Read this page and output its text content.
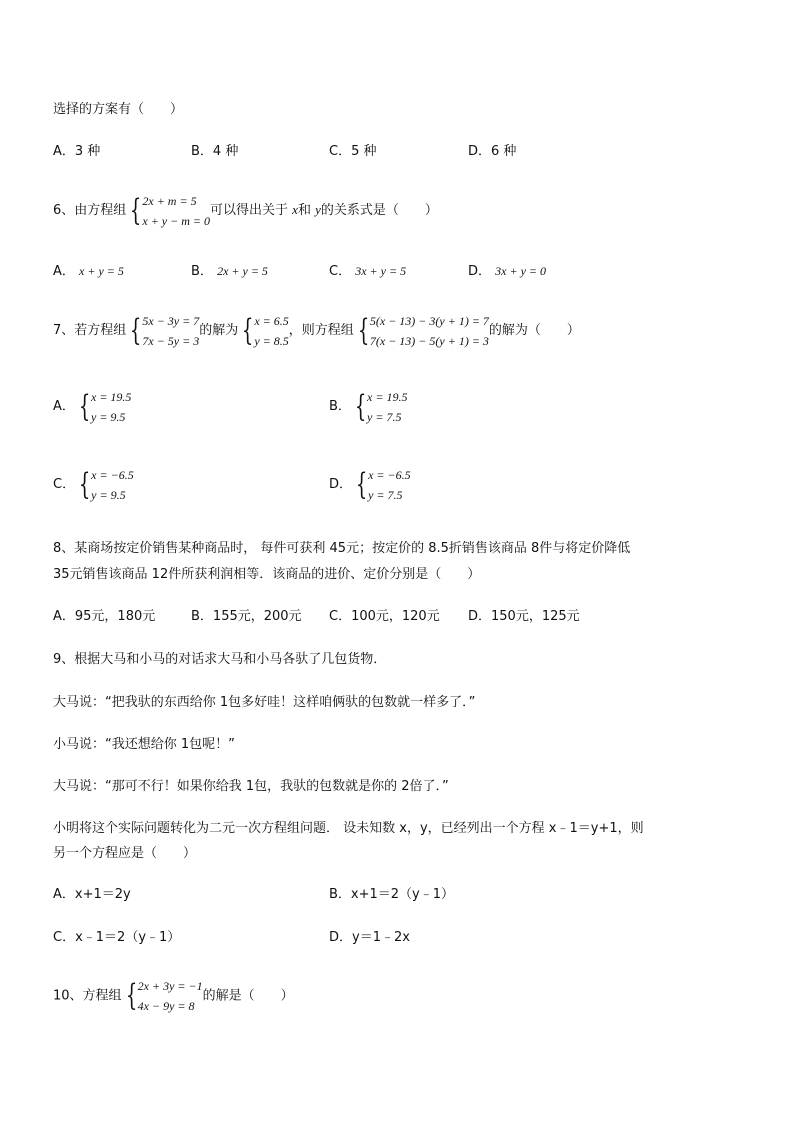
选择的方案有（　　）
A．3 种	B．4 种	C．5 种	D．6 种
6、由方程组 { 2x + m = 5
x + y − m = 0
可以得出关于 x和 y的关系式是（　　）
A． x + y = 5	B． 2x + y = 5	C． 3x + y = 5	D． 3x + y = 0
7、若方程组 { 5x − 3y = 7
7x − 5y = 3
的解为 { x = 6.5
y = 8.5
，则方程组 { 5(x − 13) − 3(y + 1) = 7
7(x − 13) − 5(y + 1) = 3
的解为（　　）
A． { x = 19.5
y = 9.5
B． { x = 19.5
y = 7.5
C． { x = −6.5
y = 9.5
D． { x = −6.5
y = 7.5
8、某商场按定价销售某种商品时， 每件可获利 45元；按定价的 8.5折销售该商品 8件与将定价降低
35元销售该商品 12件所获利润相等．该商品的进价、定价分别是（　　）
A．95元，180元	B．155元，200元 C．100元，120元 D．150元，125元
9、根据大马和小马的对话求大马和小马各驮了几包货物．
大马说：“把我驮的东西给你 1包多好哇！这样咱俩驮的包数就一样多了．”
小马说：“我还想给你 1包呢！”
大马说：“那可不行！如果你给我 1包，我驮的包数就是你的 2倍了．”
小明将这个实际问题转化为二元一次方程组问题． 设未知数 x，y，已经列出一个方程 x﹣1＝y+1，则
另一个方程应是（　　）
A．x+1＝2y	B．x+1＝2（y﹣1）
C．x﹣1＝2（y﹣1）	D．y＝1﹣2x
10、方程组 { 2x + 3y = −1
4x − 9y = 8
的解是（　　）
